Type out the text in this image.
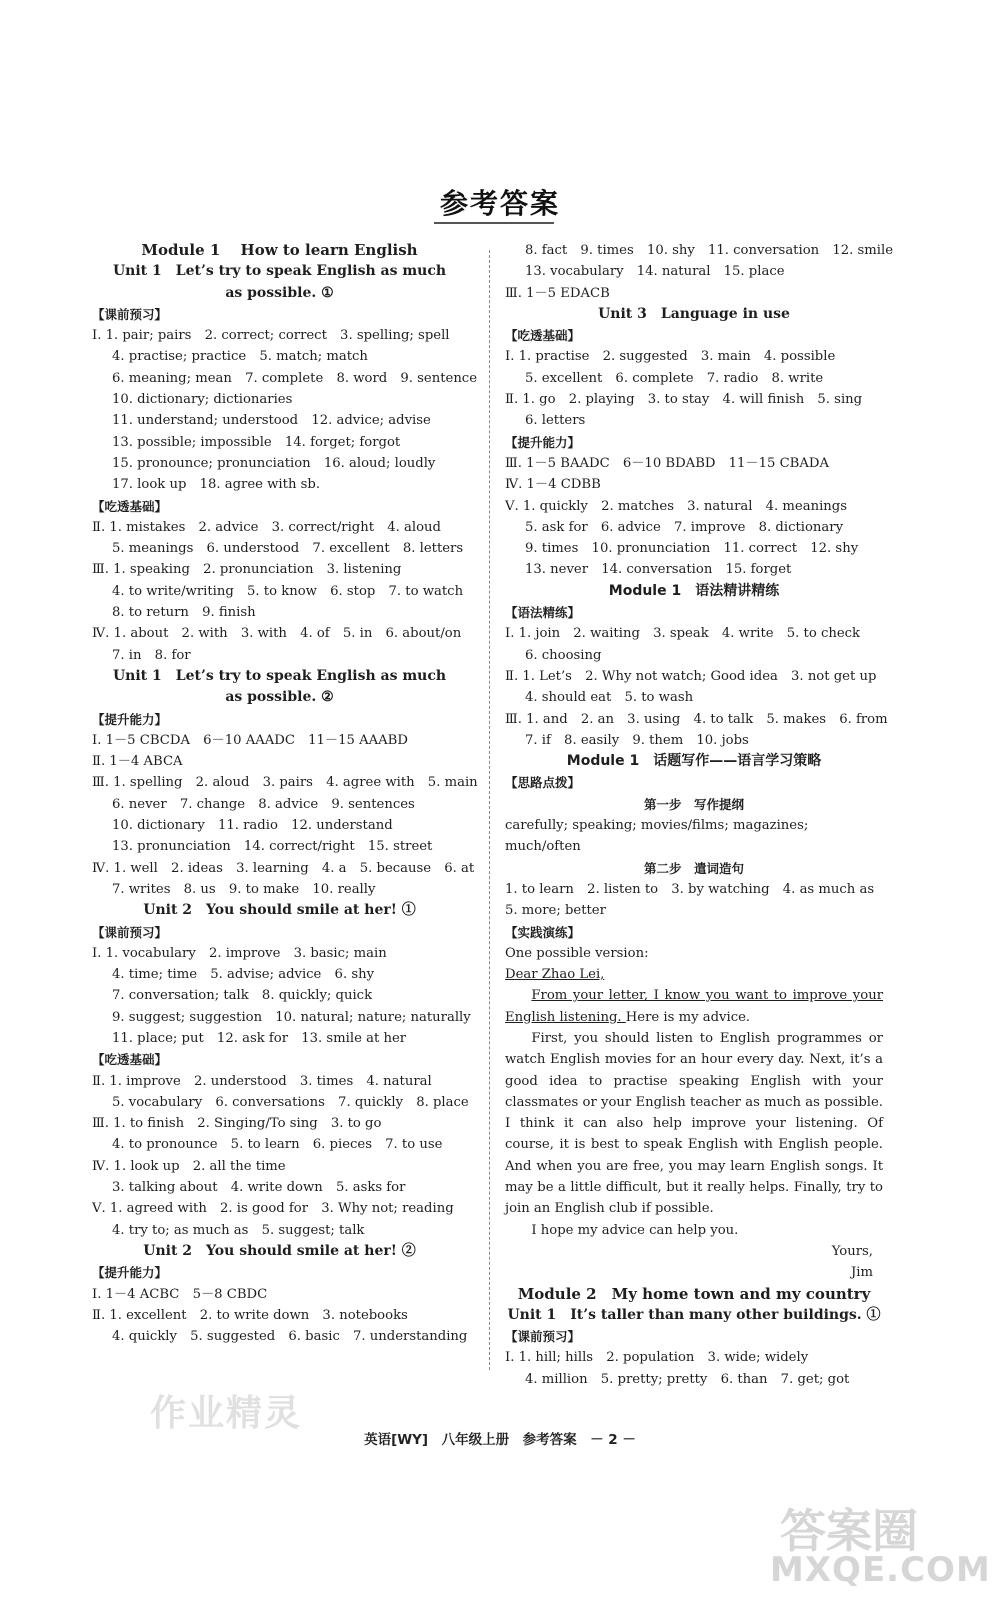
参考答案
Module 1　 How to learn English
Unit 1　Let’s try to speak English as much
as possible. ①
【课前预习】
Ⅰ. 1. pair; pairs　2. correct; correct　3. spelling; spell
4. practise; practice　5. match; match
6. meaning; mean　7. complete　8. word　9. sentence
10. dictionary; dictionaries
11. understand; understood　12. advice; advise
13. possible; impossible　14. forget; forgot
15. pronounce; pronunciation　16. aloud; loudly
17. look up　18. agree with sb.
【吃透基础】
Ⅱ. 1. mistakes　2. advice　3. correct/right　4. aloud
5. meanings　6. understood　7. excellent　8. letters
Ⅲ. 1. speaking　2. pronunciation　3. listening
4. to write/writing　5. to know　6. stop　7. to watch
8. to return　9. finish
Ⅳ. 1. about　2. with　3. with　4. of　5. in　6. about/on
7. in　8. for
Unit 1　Let’s try to speak English as much
as possible. ②
【提升能力】
Ⅰ. 1－5 CBCDA　6－10 AAADC　11－15 AAABD
Ⅱ. 1－4 ABCA
Ⅲ. 1. spelling　2. aloud　3. pairs　4. agree with　5. main
6. never　7. change　8. advice　9. sentences
10. dictionary　11. radio　12. understand
13. pronunciation　14. correct/right　15. street
Ⅳ. 1. well　2. ideas　3. learning　4. a　5. because　6. at
7. writes　8. us　9. to make　10. really
Unit 2　You should smile at her! ①
【课前预习】
Ⅰ. 1. vocabulary　2. improve　3. basic; main
4. time; time　5. advise; advice　6. shy
7. conversation; talk　8. quickly; quick
9. suggest; suggestion　10. natural; nature; naturally
11. place; put　12. ask for　13. smile at her
【吃透基础】
Ⅱ. 1. improve　2. understood　3. times　4. natural
5. vocabulary　6. conversations　7. quickly　8. place
Ⅲ. 1. to finish　2. Singing/To sing　3. to go
4. to pronounce　5. to learn　6. pieces　7. to use
Ⅳ. 1. look up　2. all the time
3. talking about　4. write down　5. asks for
Ⅴ. 1. agreed with　2. is good for　3. Why not; reading
4. try to; as much as　5. suggest; talk
Unit 2　You should smile at her! ②
【提升能力】
Ⅰ. 1－4 ACBC　5－8 CBDC
Ⅱ. 1. excellent　2. to write down　3. notebooks
4. quickly　5. suggested　6. basic　7. understanding
8. fact　9. times　10. shy　11. conversation　12. smile
13. vocabulary　14. natural　15. place
Ⅲ. 1－5 EDACB
Unit 3　Language in use
【吃透基础】
Ⅰ. 1. practise　2. suggested　3. main　4. possible
5. excellent　6. complete　7. radio　8. write
Ⅱ. 1. go　2. playing　3. to stay　4. will finish　5. sing
6. letters
【提升能力】
Ⅲ. 1－5 BAADC　6－10 BDABD　11－15 CBADA
Ⅳ. 1－4 CDBB
Ⅴ. 1. quickly　2. matches　3. natural　4. meanings
5. ask for　6. advice　7. improve　8. dictionary
9. times　10. pronunciation　11. correct　12. shy
13. never　14. conversation　15. forget
Module 1　语法精讲精练
【语法精练】
Ⅰ. 1. join　2. waiting　3. speak　4. write　5. to check
6. choosing
Ⅱ. 1. Let’s　2. Why not watch; Good idea　3. not get up
4. should eat　5. to wash
Ⅲ. 1. and　2. an　3. using　4. to talk　5. makes　6. from
7. if　8. easily　9. them　10. jobs
Module 1　话题写作——语言学习策略
【思路点拨】
第一步　写作提纲
carefully; speaking; movies/films; magazines;
much/often
第二步　遣词造句
1. to learn　2. listen to　3. by watching　4. as much as
5. more; better
【实践演练】
One possible version:
Dear Zhao Lei,
From your letter, I know you want to improve your English listening. Here is my advice.
First, you should listen to English programmes or watch English movies for an hour every day. Next, it’s a good idea to practise speaking English with your classmates or your English teacher as much as possible. I think it can also help improve your listening. Of course, it is best to speak English with English people. And when you are free, you may learn English songs. It may be a little difficult, but it really helps. Finally, try to join an English club if possible.
I hope my advice can help you.
Yours,
Jim
Module 2　My home town and my country
Unit 1　It’s taller than many other buildings. ①
【课前预习】
Ⅰ. 1. hill; hills　2. population　3. wide; widely
4. million　5. pretty; pretty　6. than　7. get; got
英语[WY]　八年级上册　参考答案　－ 2 －
作业精灵
答案圈
MXQE.COM
